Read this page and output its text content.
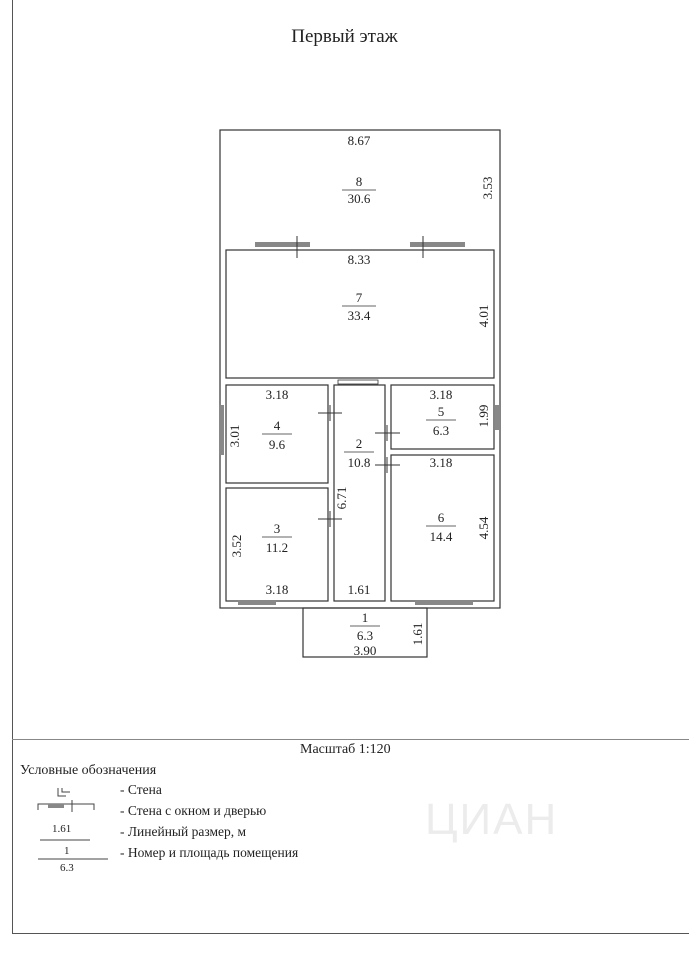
Первый этаж
ЦИАН
8.67
8
30.6	3.53
8.33
7
33.4	4.01
3.18
4
9.6
3.01	2
10.8
6.71
3.18
5
6.3
1.99
3
11.2
3.18
3.52
3.18
6
14.4 4.54
1.61
1
6.3
3.90
1.61
Масштаб 1:120
Условные обозначения
- Стена
- Стена с окном и дверью
- Линейный размер, м
- Номер и площадь помещения
1.61
1
6.3
